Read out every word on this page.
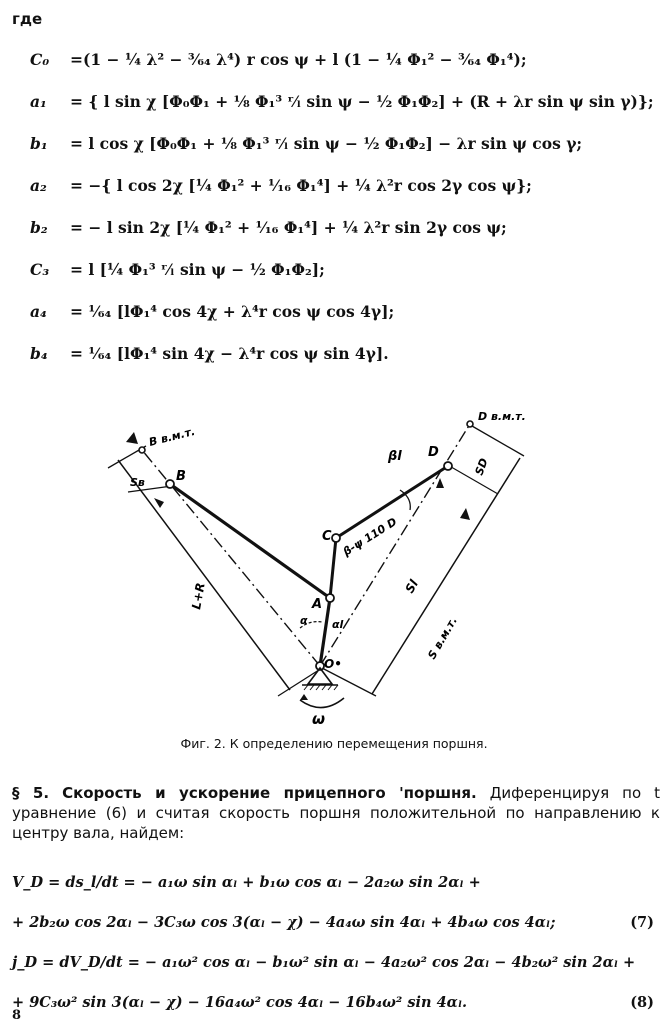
где
C₀	=(1 − ¼ λ² − ³⁄₆₄ λ⁴) r cos ψ + l (1 − ¼ Φ₁² − ³⁄₆₄ Φ₁⁴);
a₁	= { l sin χ [Φ₀Φ₁ + ⅛ Φ₁³ ʳ⁄ₗ sin ψ − ½ Φ₁Φ₂] + (R + λr sin ψ sin γ)};
b₁	= l cos χ [Φ₀Φ₁ + ⅛ Φ₁³ ʳ⁄ₗ sin ψ − ½ Φ₁Φ₂] − λr sin ψ cos γ;
a₂	= −{ l cos 2χ [¼ Φ₁² + ¹⁄₁₆ Φ₁⁴] + ¼ λ²r cos 2γ cos ψ};
b₂	= − l sin 2χ [¼ Φ₁² + ¹⁄₁₆ Φ₁⁴] + ¼ λ²r sin 2γ cos ψ;
C₃	= l [¼ Φ₁³ ʳ⁄ₗ sin ψ − ½ Φ₁Φ₂];
a₄	= ¹⁄₆₄ [lΦ₁⁴ cos 4χ + λ⁴r cos ψ cos 4γ];
b₄	= ¹⁄₆₄ [lΦ₁⁴ sin 4χ − λ⁴r cos ψ sin 4γ].
B в.м.т.
B
Sв
L+R
D в.м.т.
D
SD
βl
C β-ψ 110 D
A
Sl
S в.м.т.
α αl
O•
ω
Фиг. 2. К определению перемещения поршня.
§ 5. Скорость и ускорение прицепного 'поршня. Диференцируя по t уравнение (6) и считая скорость поршня положительной по направлению к центру вала, найдем:
V_D = ds_l/dt = − a₁ω sin αₗ + b₁ω cos αₗ − 2a₂ω sin 2αₗ +
+ 2b₂ω cos 2αₗ − 3C₃ω cos 3(αₗ − χ) − 4a₄ω sin 4αₗ + 4b₄ω cos 4αₗ;	(7)
j_D = dV_D/dt = − a₁ω² cos αₗ − b₁ω² sin αₗ − 4a₂ω² cos 2αₗ − 4b₂ω² sin 2αₗ +
+ 9C₃ω² sin 3(αₗ − χ) − 16a₄ω² cos 4αₗ − 16b₄ω² sin 4αₗ.	(8)
8
